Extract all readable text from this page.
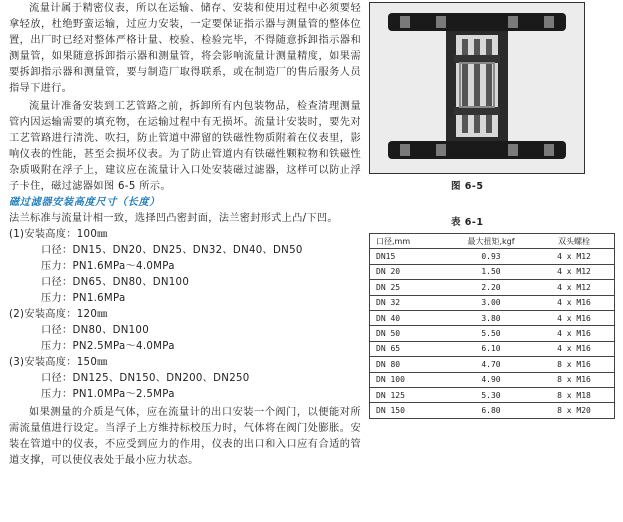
流量计属于精密仪表，所以在运输、储存、安装和使用过程中必须要轻拿轻放，杜绝野蛮运输，过应力安装，一定要保证指示器与测量管的整体位置，出厂时已经对整体严格计量、校验、检验完毕，不得随意拆卸指示器和测量管，如果随意拆卸指示器和测量管，将会影响流量计测量精度，如果需要拆卸指示器和测量管，要与制造厂取得联系，或在制造厂的售后服务人员指导下进行。

流量计准备安装到工艺管路之前，拆卸所有内包装物品，检查清理测量管内因运输需要的填充物，在运输过程中有无损坏。流量计安装时，要先对工艺管路进行清洗、吹扫，防止管道中滞留的铁磁性物质附着在仪表里，影响仪表的性能，甚至会损坏仪表。为了防止管道内有铁磁性颗粒物和铁磁性杂质吸附在浮子上，建议应在流量计入口处安装磁过滤器，这样可以防止浮子卡住，磁过滤器如图 6-5 所示。

磁过滤器安装高度尺寸（长度）

法兰标准与流量计相一致，选择凹凸密封面，法兰密封形式上凸/下凹。

(1)安装高度：100㎜

口径：DN15、DN20、DN25、DN32、DN40、DN50

压力：PN1.6MPa～4.0MPa

口径：DN65、DN80、DN100

压力：PN1.6MPa

(2)安装高度：120㎜

口径：DN80、DN100

压力：PN2.5MPa～4.0MPa

(3)安装高度：150㎜

口径：DN125、DN150、DN200、DN250

压力：PN1.0MPa～2.5MPa

如果测量的介质是气体，应在流量计的出口安装一个阀门，以便能对所需流量值进行设定。当浮子上方维持标校压力时，气体将在阀门处膨胀。安装在管道中的仪表，不应受到应力的作用，仪表的出口和入口应有合适的管道支撑，可以使仪表处于最小应力状态。

图 6-5
表 6-1
口径,mm	最大扭矩,kgf	双头螺栓
DN15	0.93	4 x M12
DN 20	1.50	4 x M12
DN 25	2.20	4 x M12
DN 32	3.00	4 x M16
DN 40	3.80	4 x M16
DN 50	5.50	4 x M16
DN 65	6.10	4 x M16
DN 80	4.70	8 x M16
DN 100	4.90	8 x M16
DN 125	5.30	8 x M18
DN 150	6.80	8 x M20
